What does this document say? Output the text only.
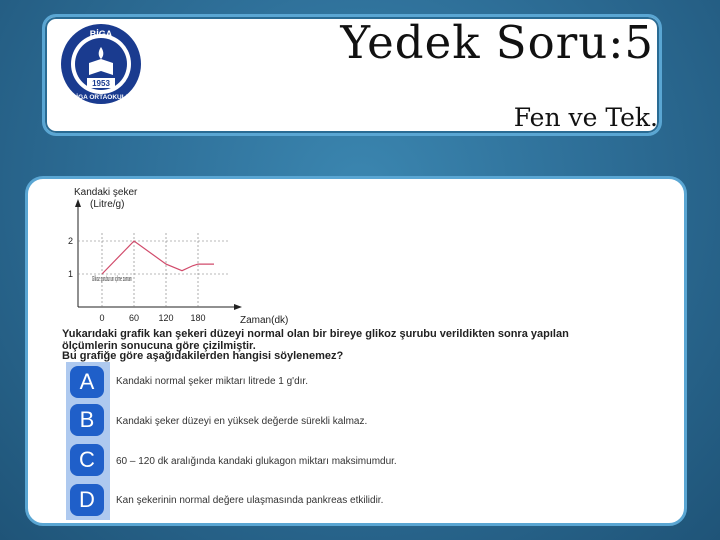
BİGA
1953
BİGA ORTAOKULU
Yedek Soru:5
Fen ve Tek.
Kandaki şeker
(Litre/g)
Zaman(dk)
1
2
0	60 120 180
Glikoz şurubunun içilme zamanı
Yukarıdaki grafik kan şekeri düzeyi normal olan bir bireye glikoz şurubu verildikten sonra yapılan ölçümlerin sonucuna göre çizilmiştir.
Bu grafiğe göre aşağıdakilerden hangisi söylenemez?
A	Kandaki normal şeker miktarı litrede 1 g'dır.
B	Kandaki şeker düzeyi en yüksek değerde sürekli kalmaz.
C	60 – 120 dk aralığında kandaki glukagon miktarı maksimumdur.
D	Kan şekerinin normal değere ulaşmasında pankreas etkilidir.
